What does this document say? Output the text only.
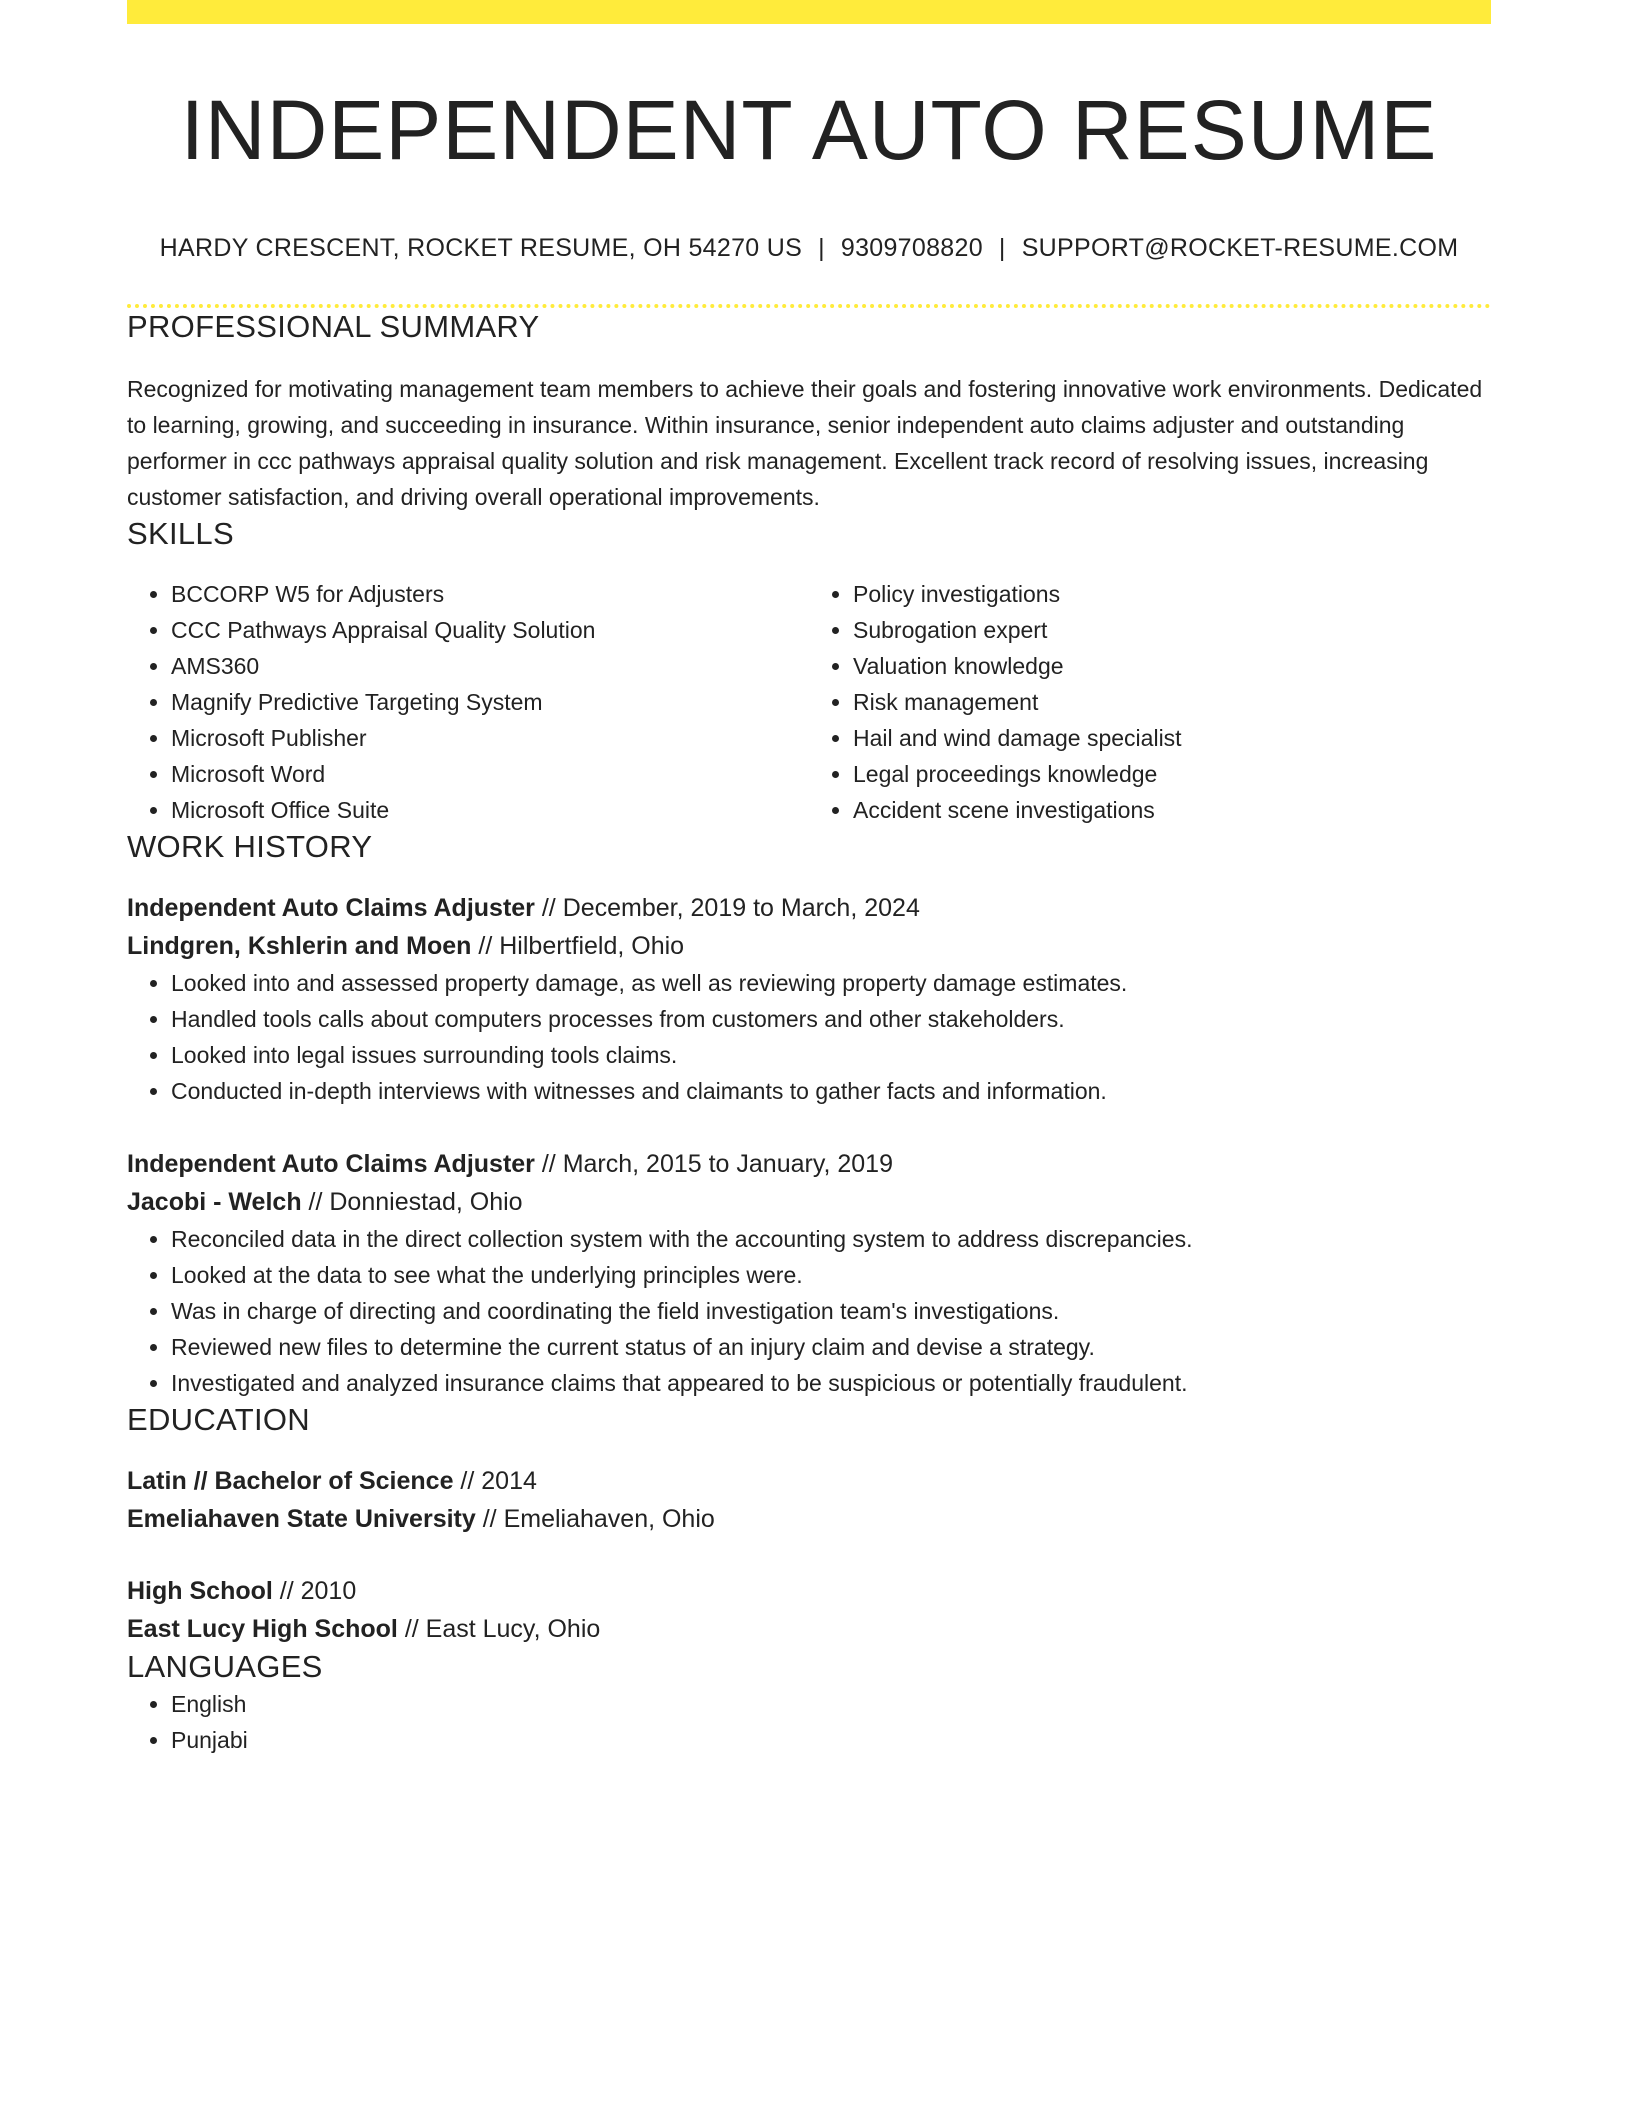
INDEPENDENT AUTO RESUME
HARDY CRESCENT, ROCKET RESUME, OH 54270 US | 9309708820 | SUPPORT@ROCKET-RESUME.COM
PROFESSIONAL SUMMARY

Recognized for motivating management team members to achieve their goals and fostering innovative work environments. Dedicated to learning, growing, and succeeding in insurance. Within insurance, senior independent auto claims adjuster and outstanding performer in ccc pathways appraisal quality solution and risk management. Excellent track record of resolving issues, increasing customer satisfaction, and driving overall operational improvements.

SKILLS
• BCCORP W5 for Adjusters
• CCC Pathways Appraisal Quality Solution
• AMS360
• Magnify Predictive Targeting System
• Microsoft Publisher
• Microsoft Word
• Microsoft Office Suite
• Policy investigations
• Subrogation expert
• Valuation knowledge
• Risk management
• Hail and wind damage specialist
• Legal proceedings knowledge
• Accident scene investigations
WORK HISTORY
Independent Auto Claims Adjuster // December, 2019 to March, 2024
Lindgren, Kshlerin and Moen // Hilbertfield, Ohio
• Looked into and assessed property damage, as well as reviewing property damage estimates.
• Handled tools calls about computers processes from customers and other stakeholders.
• Looked into legal issues surrounding tools claims.
• Conducted in-depth interviews with witnesses and claimants to gather facts and information.
Independent Auto Claims Adjuster // March, 2015 to January, 2019
Jacobi - Welch // Donniestad, Ohio
• Reconciled data in the direct collection system with the accounting system to address discrepancies.
• Looked at the data to see what the underlying principles were.
• Was in charge of directing and coordinating the field investigation team's investigations.
• Reviewed new files to determine the current status of an injury claim and devise a strategy.
• Investigated and analyzed insurance claims that appeared to be suspicious or potentially fraudulent.
EDUCATION
Latin // Bachelor of Science // 2014
Emeliahaven State University // Emeliahaven, Ohio
High School // 2010
East Lucy High School // East Lucy, Ohio
LANGUAGES
• English
• Punjabi
